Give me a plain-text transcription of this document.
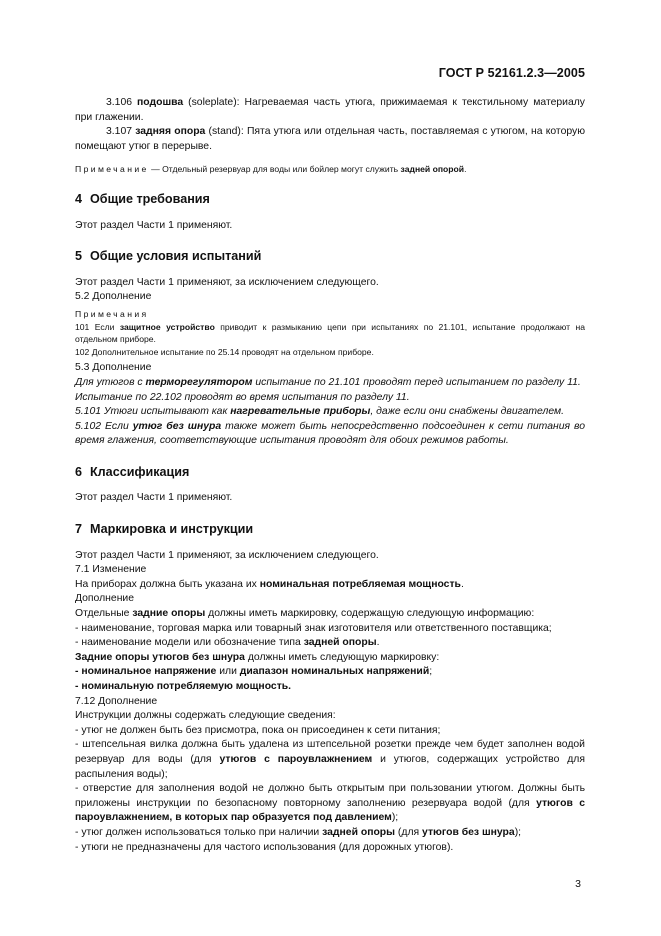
ГОСТ Р 52161.2.3—2005

3.106 подошва (soleplate): Нагреваемая часть утюга, прижимаемая к текстильному материалу при глажении.

3.107 задняя опора (stand): Пята утюга или отдельная часть, поставляемая с утюгом, на которую помещают утюг в перерыве.

Примечание — Отдельный резервуар для воды или бойлер могут служить задней опорой.

4 Общие требования

Этот раздел Части 1 применяют.

5 Общие условия испытаний

Этот раздел Части 1 применяют, за исключением следующего.

5.2 Дополнение

Примечания

101 Если защитное устройство приводит к размыканию цепи при испытаниях по 21.101, испытание продолжают на отдельном приборе.

102 Дополнительное испытание по 25.14 проводят на отдельном приборе.

5.3 Дополнение

Для утюгов с терморегулятором испытание по 21.101 проводят перед испытанием по разделу 11.

Испытание по 22.102 проводят во время испытания по разделу 11.

5.101 Утюги испытывают как нагревательные приборы, даже если они снабжены двигателем.

5.102 Если утюг без шнура также может быть непосредственно подсоединен к сети питания во время глажения, соответствующие испытания проводят для обоих режимов работы.

6 Классификация

Этот раздел Части 1 применяют.

7 Маркировка и инструкции

Этот раздел Части 1 применяют, за исключением следующего.

7.1 Изменение

На приборах должна быть указана их номинальная потребляемая мощность.

Дополнение

Отдельные задние опоры должны иметь маркировку, содержащую следующую информацию:

- наименование, торговая марка или товарный знак изготовителя или ответственного поставщика;

- наименование модели или обозначение типа задней опоры.

Задние опоры утюгов без шнура должны иметь следующую маркировку:

- номинальное напряжение или диапазон номинальных напряжений;

- номинальную потребляемую мощность.

7.12 Дополнение

Инструкции должны содержать следующие сведения:

- утюг не должен быть без присмотра, пока он присоединен к сети питания;

- штепсельная вилка должна быть удалена из штепсельной розетки прежде чем будет заполнен водой резервуар для воды (для утюгов с пароувлажнением и утюгов, содержащих устройство для распыления воды);

- отверстие для заполнения водой не должно быть открытым при пользовании утюгом. Должны быть приложены инструкции по безопасному повторному заполнению резервуара водой (для утюгов с пароувлажнением, в которых пар образуется под давлением);

- утюг должен использоваться только при наличии задней опоры (для утюгов без шнура);

- утюги не предназначены для частого использования (для дорожных утюгов).

3
